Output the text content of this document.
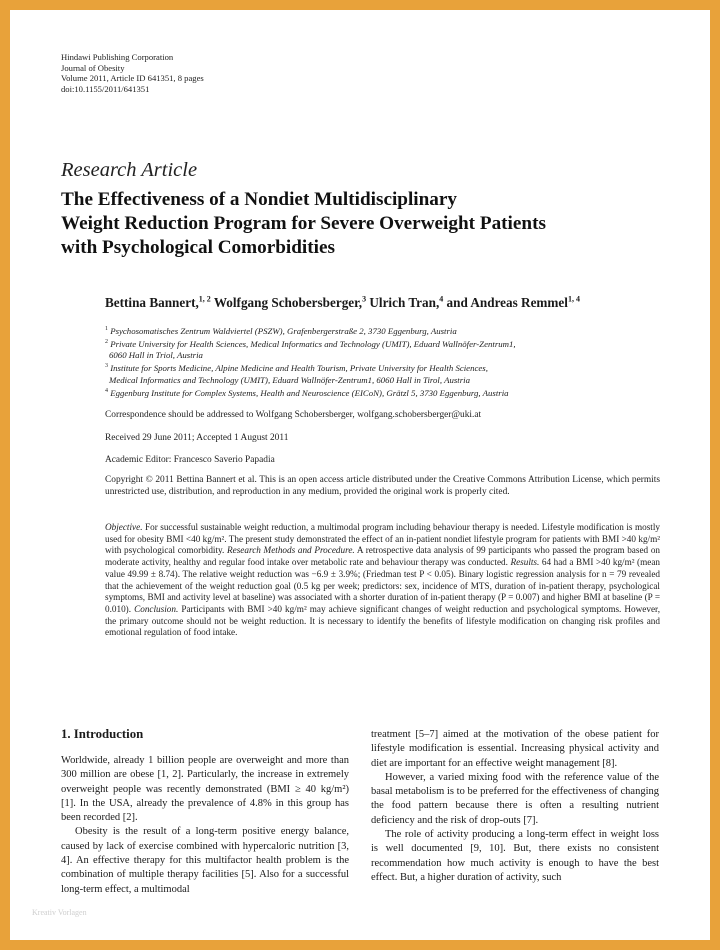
Hindawi Publishing Corporation
Journal of Obesity
Volume 2011, Article ID 641351, 8 pages
doi:10.1155/2011/641351
Research Article
The Effectiveness of a Nondiet Multidisciplinary
Weight Reduction Program for Severe Overweight Patients
with Psychological Comorbidities
Bettina Bannert,$^{1, 2}$ Wolfgang Schobersberger,$^3$ Ulrich Tran,$^4$ and Andreas Remmel$^{1, 4}$
$^1$ Psychosomatisches Zentrum Waldviertel (PSZW), Grafenbergerstraße 2, 3730 Eggenburg, Austria
$^2$ Private University for Health Sciences, Medical Informatics and Technology (UMIT), Eduard Wallnöfer-Zentrum1,
6060 Hall in Triol, Austria
$^3$ Institute for Sports Medicine, Alpine Medicine and Health Tourism, Private University for Health Sciences,
Medical Informatics and Technology (UMIT), Eduard Wallnöfer-Zentrum1, 6060 Hall in Tirol, Austria
$^4$ Eggenburg Institute for Complex Systems, Health and Neuroscience (EICoN), Grätzl 5, 3730 Eggenburg, Austria
Correspondence should be addressed to Wolfgang Schobersberger, wolfgang.schobersberger@uki.at
Received 29 June 2011; Accepted 1 August 2011
Academic Editor: Francesco Saverio Papadia
Copyright © 2011 Bettina Bannert et al. This is an open access article distributed under the Creative Commons Attribution License, which permits unrestricted use, distribution, and reproduction in any medium, provided the original work is properly cited.
Objective. For successful sustainable weight reduction, a multimodal program including behaviour therapy is needed. Lifestyle modification is mostly used for obesity BMI <40 kg/m². The present study demonstrated the effect of an in-patient nondiet lifestyle program for patients with BMI >40 kg/m² with psychological comorbidity. Research Methods and Procedure. A retrospective data analysis of 99 participants who passed the program based on moderate activity, healthy and regular food intake over metabolic rate and behaviour therapy was conducted. Results. 64 had a BMI >40 kg/m² (mean value 49.99 ± 8.74). The relative weight reduction was −6.9 ± 3.9%; (Friedman test P < 0.05). Binary logistic regression analysis for n = 79 revealed that the achievement of the weight reduction goal (0.5 kg per week; predictors: sex, incidence of MTS, duration of in-patient therapy, psychological symptoms, BMI and activity level at baseline) was associated with a shorter duration of in-patient therapy (P = 0.007) and higher BMI at baseline (P = 0.010). Conclusion. Participants with BMI >40 kg/m² may achieve significant changes of weight reduction and psychological symptoms. However, the primary outcome should not be weight reduction. It is necessary to identify the benefits of lifestyle modification on changing risk profiles and emotional regulation of food intake.
1. Introduction

Worldwide, already 1 billion people are overweight and more than 300 million are obese [1, 2]. Particularly, the increase in extremely overweight people was recently demonstrated (BMI ≥ 40 kg/m²) [1]. In the USA, already the prevalence of 4.8% in this group has been recorded [2].

Obesity is the result of a long-term positive energy balance, caused by lack of exercise combined with hypercaloric nutrition [3, 4]. An effective therapy for this multifactor health problem is the combination of multiple therapy facilities [5]. Also for a successful long-term effect, a multimodal

treatment [5–7] aimed at the motivation of the obese patient for lifestyle modification is essential. Increasing physical activity and diet are important for an effective weight management [8].

However, a varied mixing food with the reference value of the basal metabolism is to be preferred for the effectiveness of changing the food pattern because there is often a resulting nutrient deficiency and the risk of drop-outs [7].

The role of activity producing a long-term effect in weight loss is well documented [9, 10]. But, there exists no consistent recommendation how much activity is enough to have the best effect. But, a higher duration of activity, such

Kreativ Vorlagen
